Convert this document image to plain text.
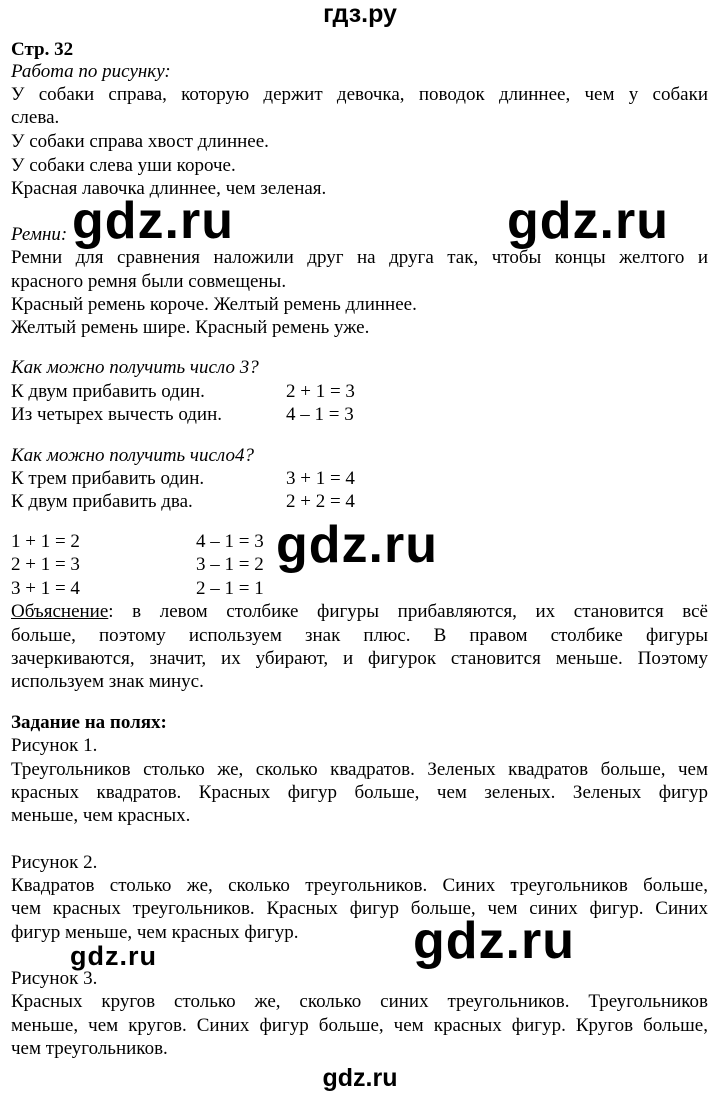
гдз.ру
Стр. 32
Работа по рисунку:
У собаки справа, которую держит девочка, поводок длиннее, чем у собаки
слева.
У собаки справа хвост длиннее.
У собаки слева уши короче.
Красная лавочка длиннее, чем зеленая.
Ремни:
Ремни для сравнения наложили друг на друга так, чтобы концы желтого и
красного ремня были совмещены.
Красный ремень короче. Желтый ремень длиннее.
Желтый ремень шире. Красный ремень уже.
Как можно получить число 3?
К двум прибавить один.	2 + 1 = 3
Из четырех вычесть один.	4 – 1 = 3
Как можно получить число4?
К трем прибавить один.	3 + 1 = 4
К двум прибавить два.	2 + 2 = 4
1 + 1 = 2	4 – 1 = 3
2 + 1 = 3	3 – 1 = 2
3 + 1 = 4	2 – 1 = 1
Объяснение: в левом столбике фигуры прибавляются, их становится всё
больше, поэтому используем знак плюс. В правом столбике фигуры
зачеркиваются, значит, их убирают, и фигурок становится меньше. Поэтому
используем знак минус.
Задание на полях:
Рисунок 1.
Треугольников столько же, сколько квадратов. Зеленых квадратов больше, чем
красных квадратов. Красных фигур больше, чем зеленых. Зеленых фигур
меньше, чем красных.
Рисунок 2.
Квадратов столько же, сколько треугольников. Синих треугольников больше,
чем красных треугольников. Красных фигур больше, чем синих фигур. Синих
фигур меньше, чем красных фигур.
Рисунок 3.
Красных кругов столько же, сколько синих треугольников. Треугольников
меньше, чем кругов. Синих фигур больше, чем красных фигур. Кругов больше,
чем треугольников.
gdz.ru	gdz.ru
gdz.ru
gdz.ru	gdz.ru
gdz.ru
